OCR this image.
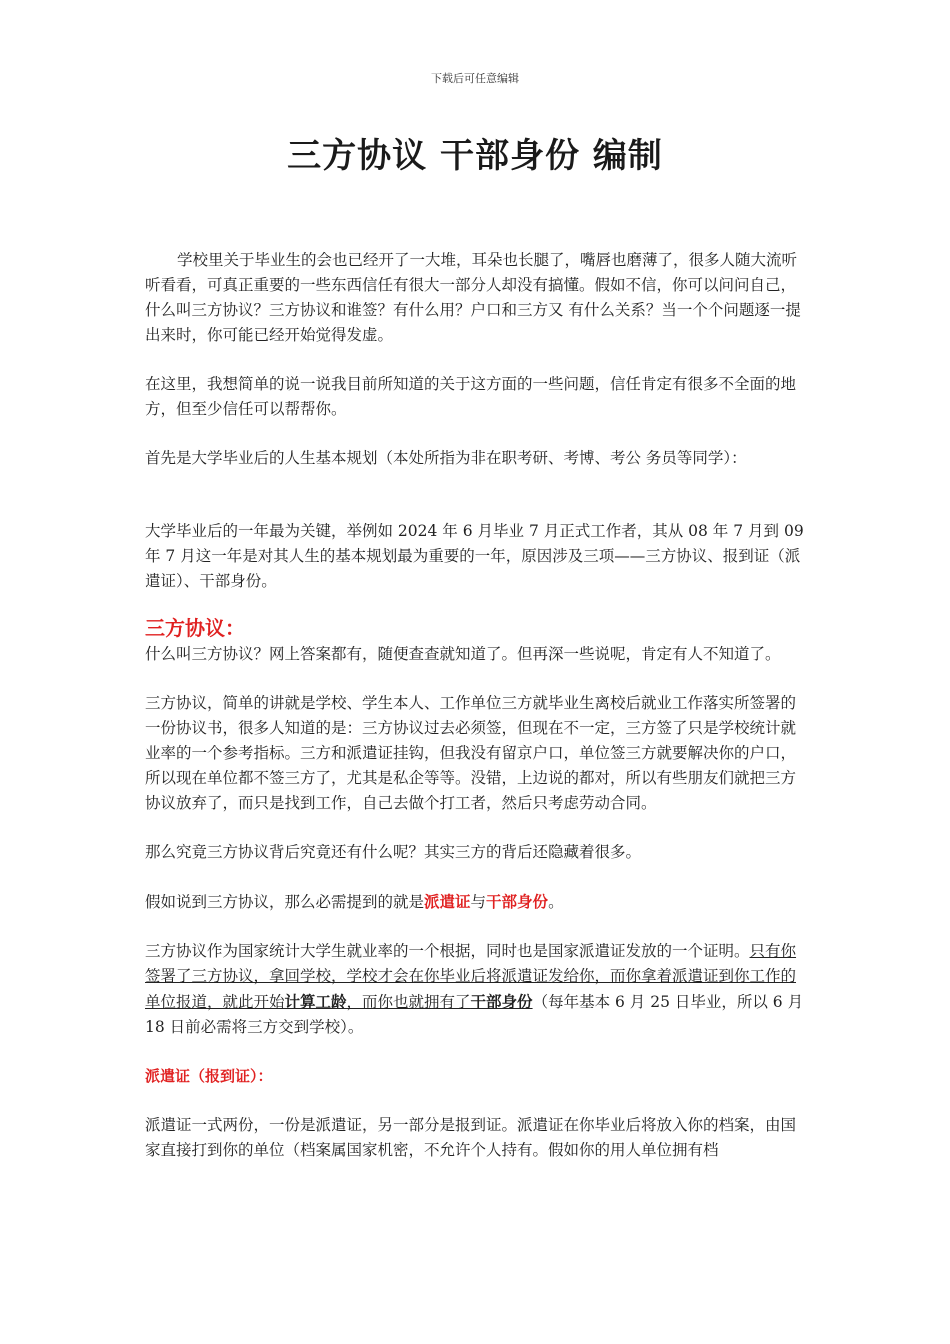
下载后可任意编辑
三方协议 干部身份 编制

学校里关于毕业生的会也已经开了一大堆，耳朵也长腿了，嘴唇也磨薄了，很多人随大流听听看看，可真正重要的一些东西信任有很大一部分人却没有搞懂。假如不信，你可以问问自己，什么叫三方协议？三方协议和谁签？有什么用？户口和三方又 有什么关系？当一个个问题逐一提出来时，你可能已经开始觉得发虚。

在这里，我想简单的说一说我目前所知道的关于这方面的一些问题，信任肯定有很多不全面的地方，但至少信任可以帮帮你。

首先是大学毕业后的人生基本规划（本处所指为非在职考研、考博、考公 务员等同学）：

大学毕业后的一年最为关键，举例如 2024 年 6 月毕业 7 月正式工作者，其从 08 年 7 月到 09 年 7 月这一年是对其人生的基本规划最为重要的一年，原因涉及三项——三方协议、报到证（派遣证）、干部身份。

三方协议：

什么叫三方协议？网上答案都有，随便查查就知道了。但再深一些说呢，肯定有人不知道了。

三方协议，简单的讲就是学校、学生本人、工作单位三方就毕业生离校后就业工作落实所签署的一份协议书，很多人知道的是：三方协议过去必须签，但现在不一定，三方签了只是学校统计就业率的一个参考指标。三方和派遣证挂钩，但我没有留京户口，单位签三方就要解决你的户口，所以现在单位都不签三方了，尤其是私企等等。没错，上边说的都对，所以有些朋友们就把三方协议放弃了，而只是找到工作，自己去做个打工者，然后只考虑劳动合同。

那么究竟三方协议背后究竟还有什么呢？其实三方的背后还隐藏着很多。

假如说到三方协议，那么必需提到的就是派遣证与干部身份。

三方协议作为国家统计大学生就业率的一个根据，同时也是国家派遣证发放的一个证明。只有你签署了三方协议，拿回学校，学校才会在你毕业后将派遣证发给你，而你拿着派遣证到你工作的单位报道，就此开始计算工龄，而你也就拥有了干部身份（每年基本 6 月 25 日毕业，所以 6 月 18 日前必需将三方交到学校）。

派遣证（报到证）：

派遣证一式两份，一份是派遣证，另一部分是报到证。派遣证在你毕业后将放入你的档案，由国家直接打到你的单位（档案属国家机密，不允许个人持有。假如你的用人单位拥有档
